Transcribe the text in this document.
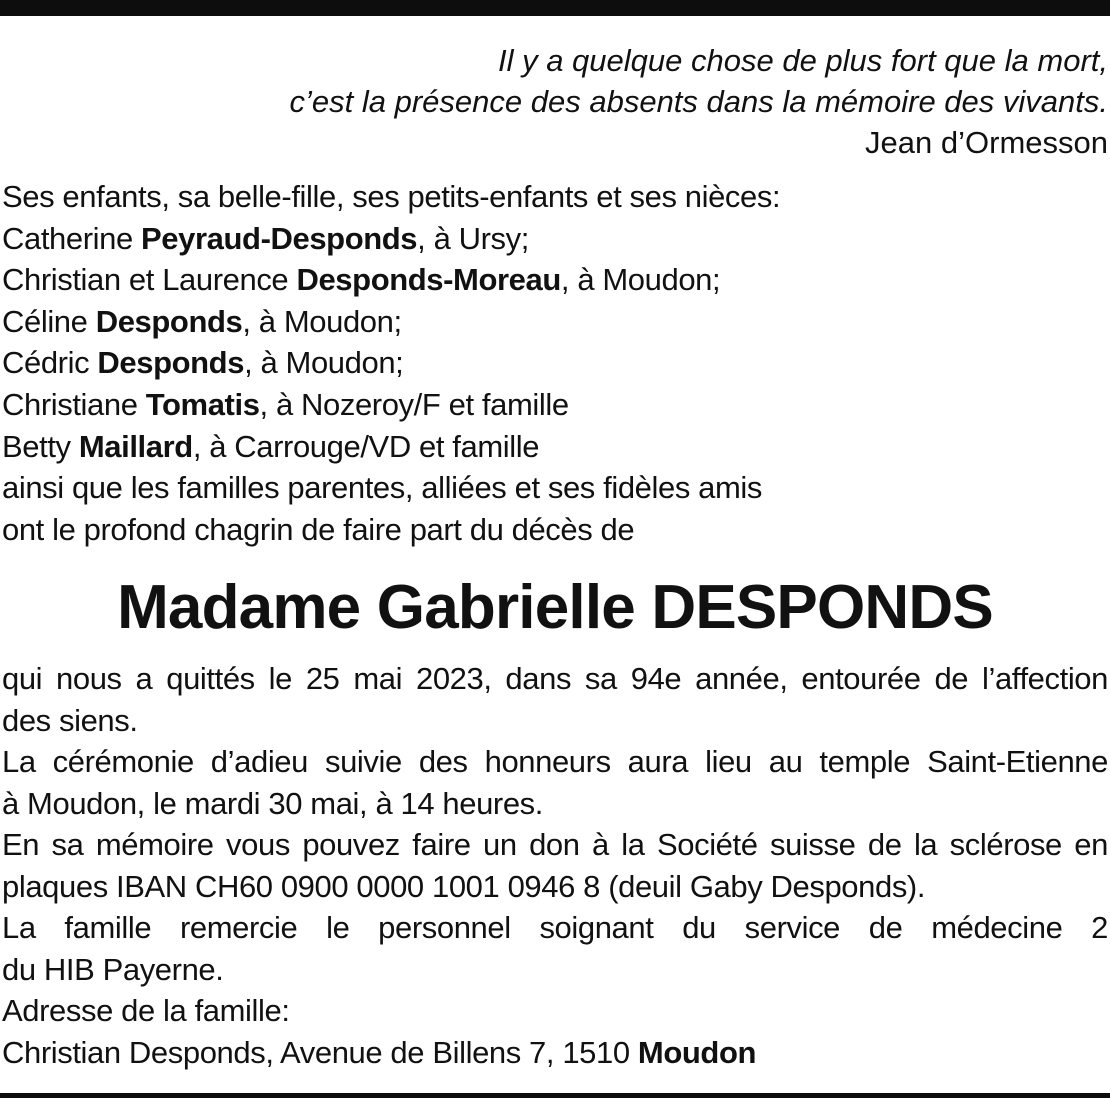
Il y a quelque chose de plus fort que la mort,
c’est la présence des absents dans la mémoire des vivants.
Jean d’Ormesson
Ses enfants, sa belle-fille, ses petits-enfants et ses nièces:
Catherine Peyraud-Desponds, à Ursy;
Christian et Laurence Desponds-Moreau, à Moudon;
Céline Desponds, à Moudon;
Cédric Desponds, à Moudon;
Christiane Tomatis, à Nozeroy/F et famille
Betty Maillard, à Carrouge/VD et famille
ainsi que les familles parentes, alliées et ses fidèles amis
ont le profond chagrin de faire part du décès de
Madame Gabrielle DESPONDS
qui nous a quittés le 25 mai 2023, dans sa 94e année, entourée de l’affection
des siens.
La cérémonie d’adieu suivie des honneurs aura lieu au temple Saint-Etienne
à Moudon, le mardi 30 mai, à 14 heures.
En sa mémoire vous pouvez faire un don à la Société suisse de la sclérose en
plaques IBAN CH60 0900 0000 1001 0946 8 (deuil Gaby Desponds).
La famille remercie le personnel soignant du service de médecine 2
du HIB Payerne.
Adresse de la famille:
Christian Desponds, Avenue de Billens 7, 1510 Moudon
